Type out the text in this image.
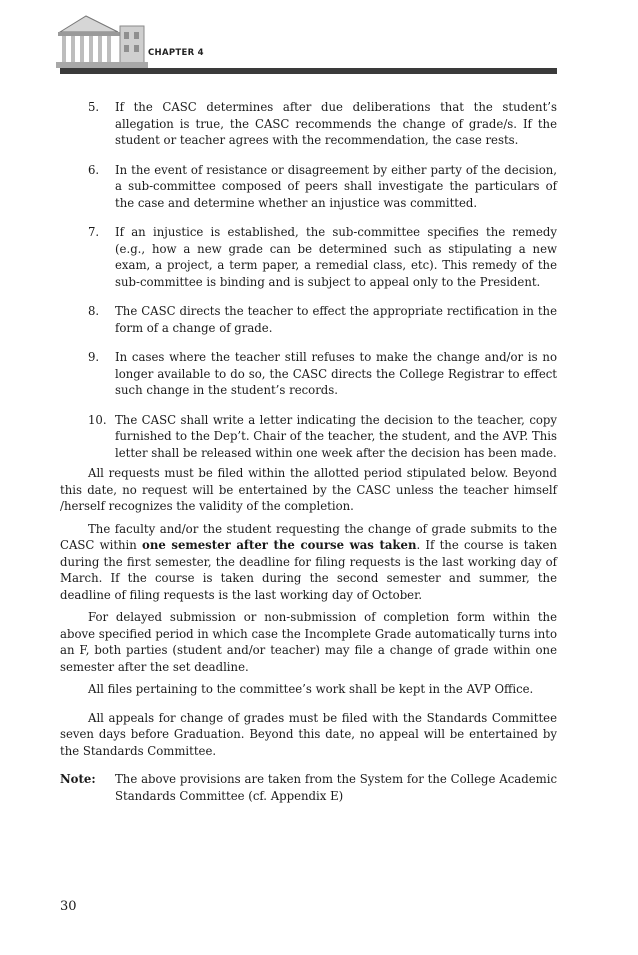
CHAPTER 4
5. If the CASC determines after due deliberations that the student’s allegation is true, the CASC recommends the change of grade/s. If the student or teacher agrees with the recommendation, the case rests.
6. In the event of resistance or disagreement by either party of the decision, a sub-committee composed of peers shall investigate the particulars of the case and determine whether an injustice was committed.
7. If an injustice is established, the sub-committee specifies the remedy (e.g., how a new grade can be determined such as stipulating a new exam, a project, a term paper, a remedial class, etc). This remedy of the sub-committee is binding and is subject to appeal only to the President.
8. The CASC directs the teacher to effect the appropriate rectification in the form of a change of grade.
9. In cases where the teacher still refuses to make the change and/or is no longer available to do so, the CASC directs the College Registrar to effect such change in the student’s records.
10. The CASC shall write a letter indicating the decision to the teacher, copy furnished to the Dep’t. Chair of the teacher, the student, and the AVP. This letter shall be released within one week after the decision has been made.

All requests must be filed within the allotted period stipulated below. Beyond this date, no request will be entertained by the CASC unless the teacher himself /herself recognizes the validity of the completion.

The faculty and/or the student requesting the change of grade submits to the CASC within one semester after the course was taken. If the course is taken during the first semester, the deadline for filing requests is the last working day of March. If the course is taken during the second semester and summer, the deadline of filing requests is the last working day of October.

For delayed submission or non-submission of completion form within the above specified period in which case the Incomplete Grade automatically turns into an F, both parties (student and/or teacher) may file a change of grade within one semester after the set deadline.

All files pertaining to the committee’s work shall be kept in the AVP Office.

All appeals for change of grades must be filed with the Standards Committee seven days before Graduation. Beyond this date, no appeal will be entertained by the Standards Committee.

Note: The above provisions are taken from the System for the College Academic Standards Committee (cf. Appendix E)
30
